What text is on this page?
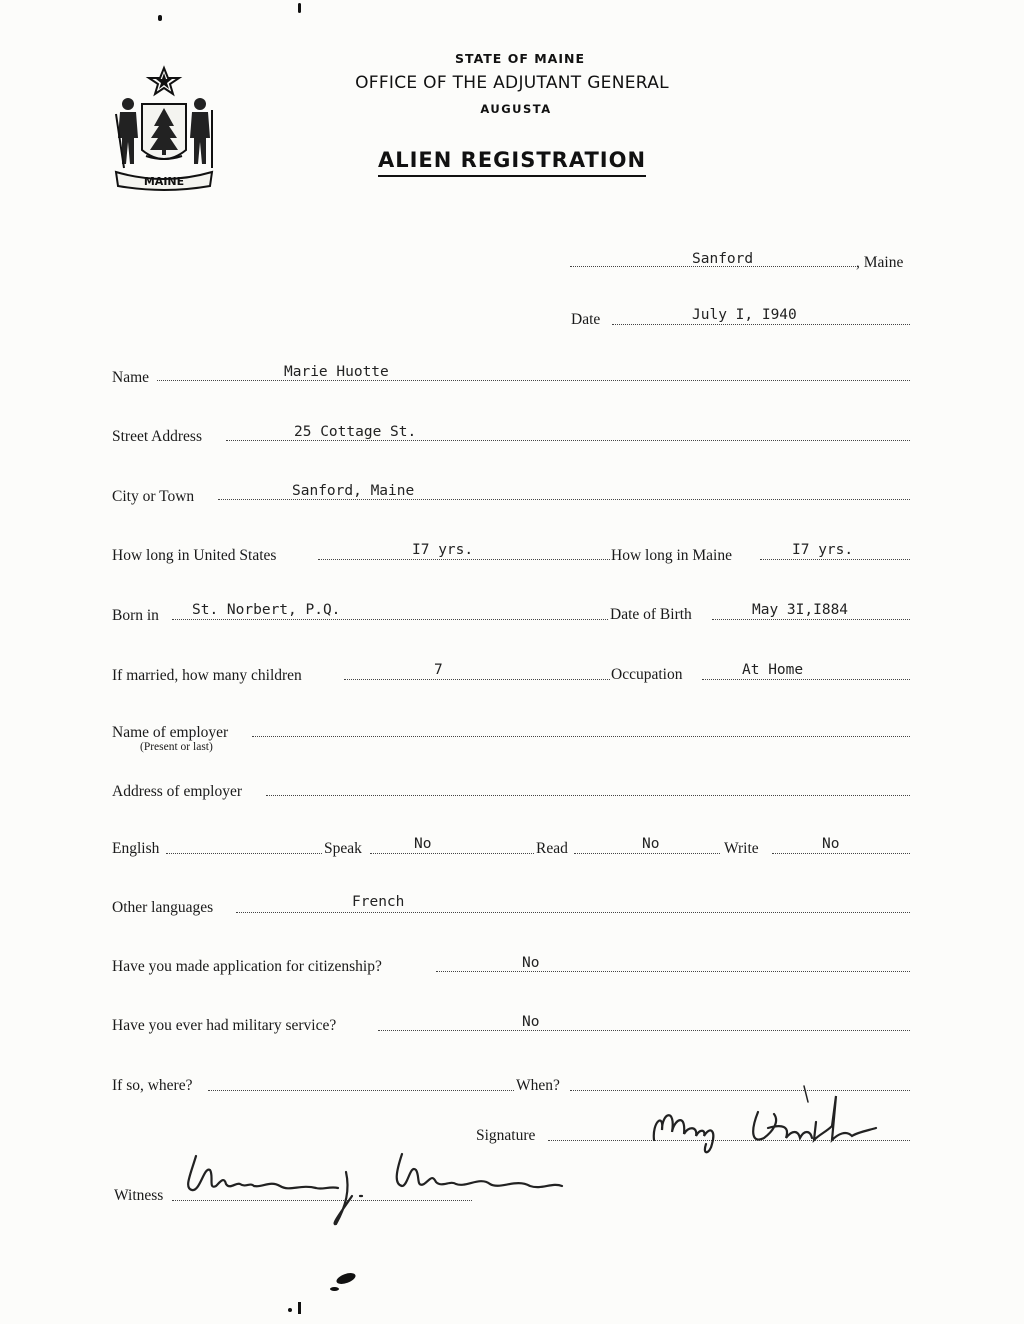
MAINE
STATE OF MAINE
OFFICE OF THE ADJUTANT GENERAL
AUGUSTA
ALIEN REGISTRATION
Sanford	, Maine
Date	July I, I940
Name	Marie Huotte
Street Address	25 Cottage St.
City or Town	Sanford, Maine
How long in United States	I7 yrs.	How long in Maine	I7 yrs.
Born in St. Norbert, P.Q.	Date of Birth	May 3I,I884
If married, how many children	7	Occupation	At Home
Name of employer
(Present or last)
Address of employer
English	Speak	No	Read	No	Write	No
Other languages	French
Have you made application for citizenship?	No
Have you ever had military service?	No
If so, where?	When?
Signature
Witness
